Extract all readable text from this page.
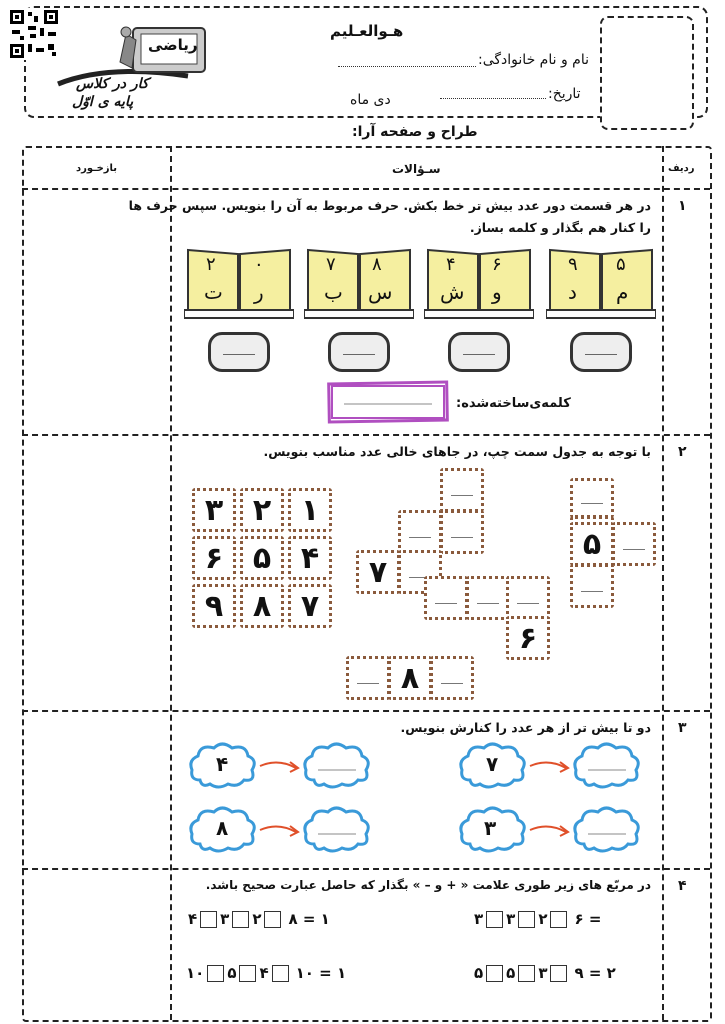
ریاضی
کار در کلاس
پایه ی اوّل
هـوالعـلیم
نام و نام خانوادگی:
تاریخ:
دی ماه
طراح و صفحه آرا:
ردیف
سـؤالات
بازخـورد
۱
در هر قسمت دور عدد بیش تر خط بکش. حرف مربوط به آن را بنویس. سپس حرف ها
را کنار هم بگذار و کلمه بساز.
۵
م
۹
د
۶
و
۴
ش
۸
س
۷
ب
۰
ر
۲
ت
کلمه‌ی‌ساخته‌شده:
۲
با توجه به جدول سمت چپ، در جاهای خالی عدد مناسب بنویس.
۱
۲
۳
۴
۵
۶
۷
۸
۹
۵
۷
۶
۸
۳
دو تا بیش تر از هر عدد را کنارش بنویس.
۷
۴
۳
۸
۴
در مربّع های زیر طوری علامت « + و – » بگذار که حاصل عبارت صحیح باشد.
۳ ۳ ۲ ۶ =
۴ ۳ ۲ ۸ = ۱
۵ ۵ ۳ ۹ = ۲
۱۰ ۵ ۴ ۱۰ = ۱
